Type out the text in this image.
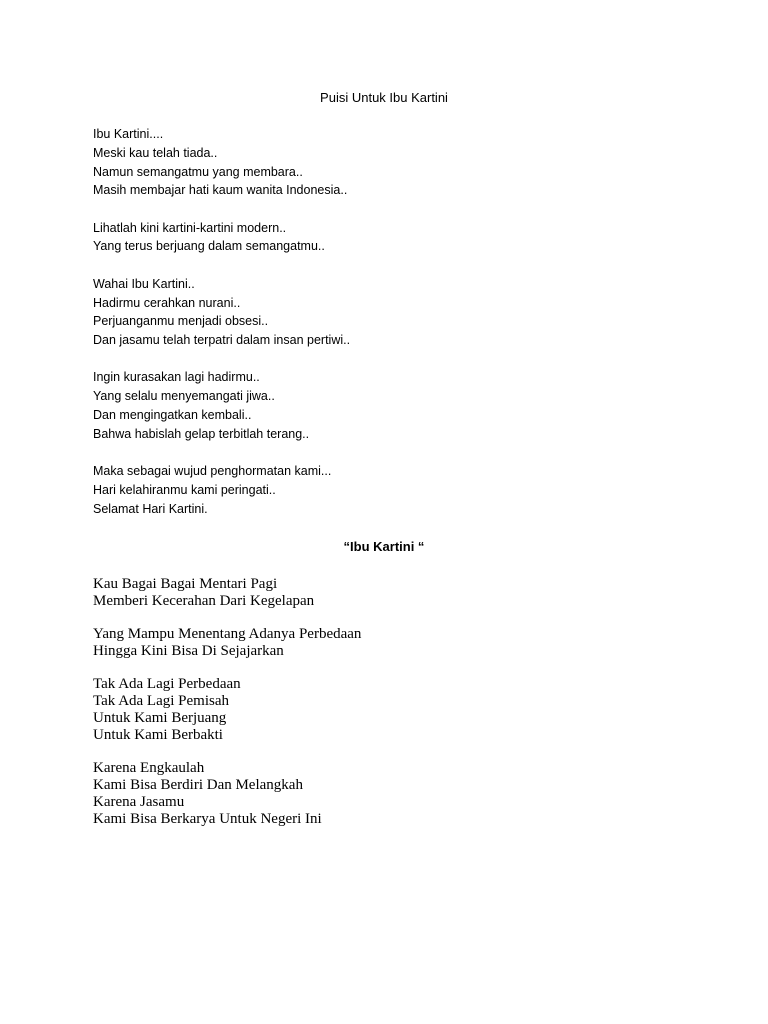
Puisi Untuk Ibu Kartini
Ibu Kartini....
Meski kau telah tiada..
Namun semangatmu yang membara..
Masih membajar hati kaum wanita Indonesia..
Lihatlah kini kartini-kartini modern..
Yang terus berjuang dalam semangatmu..
Wahai Ibu Kartini..
Hadirmu cerahkan nurani..
Perjuanganmu menjadi obsesi..
Dan jasamu telah terpatri dalam insan pertiwi..
Ingin kurasakan lagi hadirmu..
Yang selalu menyemangati jiwa..
Dan mengingatkan kembali..
Bahwa habislah gelap terbitlah terang..
Maka sebagai wujud penghormatan kami...
Hari kelahiranmu kami peringati..
Selamat Hari Kartini.
“Ibu Kartini “
Kau Bagai Bagai Mentari Pagi
Memberi Kecerahan Dari Kegelapan
Yang Mampu Menentang Adanya Perbedaan
Hingga Kini Bisa Di Sejajarkan
Tak Ada Lagi Perbedaan
Tak Ada Lagi Pemisah
Untuk Kami Berjuang
Untuk Kami Berbakti
Karena Engkaulah
Kami Bisa Berdiri Dan Melangkah
Karena Jasamu
Kami Bisa Berkarya Untuk Negeri Ini
